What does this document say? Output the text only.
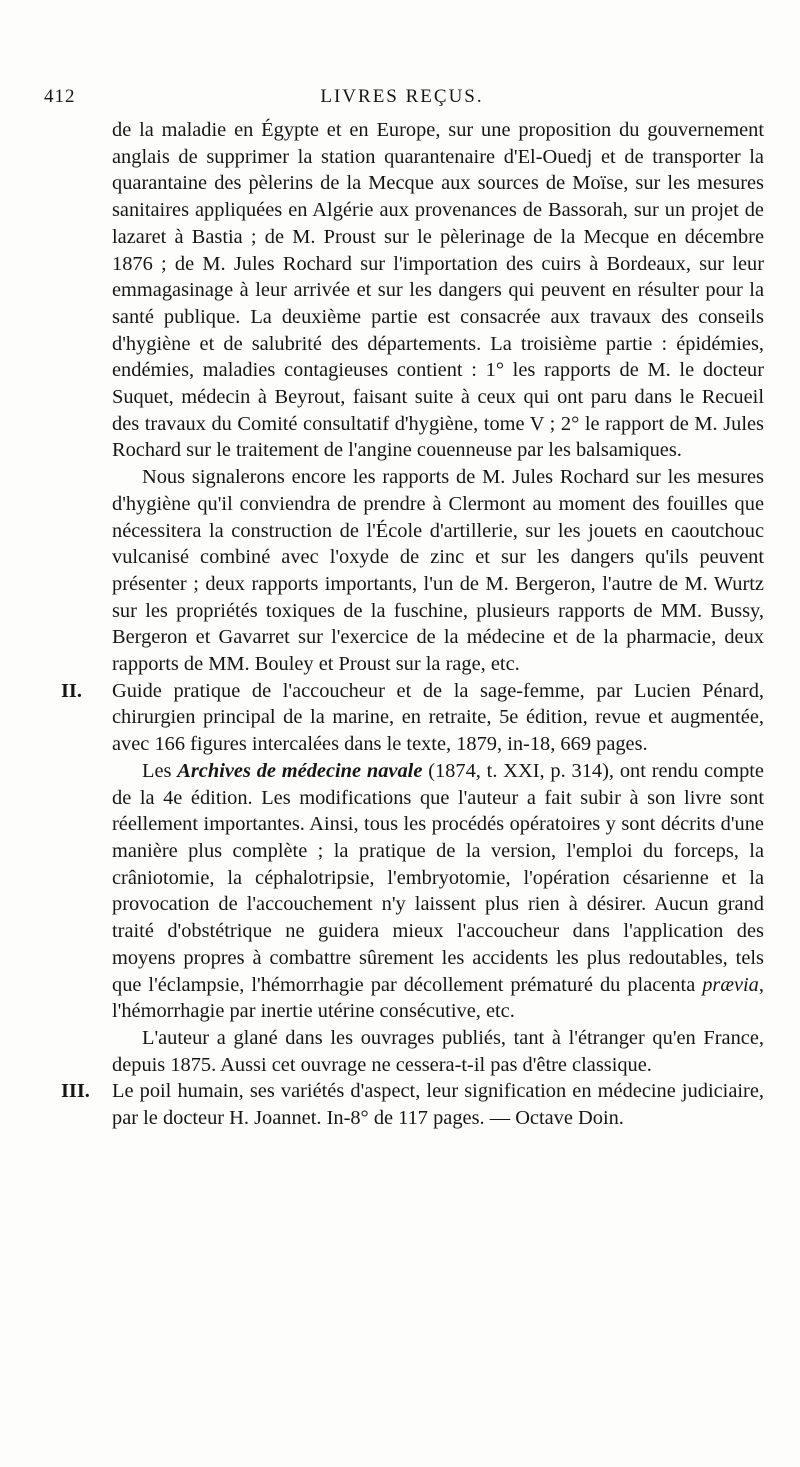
412	LIVRES REÇUS.

de la maladie en Égypte et en Europe, sur une proposition du gouvernement anglais de supprimer la station quarantenaire d'El-Ouedj et de transporter la quarantaine des pèlerins de la Mecque aux sources de Moïse, sur les mesures sanitaires appliquées en Algérie aux provenances de Bassorah, sur un projet de lazaret à Bastia ; de M. Proust sur le pèlerinage de la Mecque en décembre 1876 ; de M. Jules Rochard sur l'importation des cuirs à Bordeaux, sur leur emmagasinage à leur arrivée et sur les dangers qui peuvent en résulter pour la santé publique. La deuxième partie est consacrée aux travaux des conseils d'hygiène et de salubrité des départements. La troisième partie : épidémies, endémies, maladies contagieuses contient : 1° les rapports de M. le docteur Suquet, médecin à Beyrout, faisant suite à ceux qui ont paru dans le Recueil des travaux du Comité consultatif d'hygiène, tome V ; 2° le rapport de M. Jules Rochard sur le traitement de l'angine couenneuse par les balsamiques.

Nous signalerons encore les rapports de M. Jules Rochard sur les mesures d'hygiène qu'il conviendra de prendre à Clermont au moment des fouilles que nécessitera la construction de l'École d'artillerie, sur les jouets en caoutchouc vulcanisé combiné avec l'oxyde de zinc et sur les dangers qu'ils peuvent présenter ; deux rapports importants, l'un de M. Bergeron, l'autre de M. Wurtz sur les propriétés toxiques de la fuschine, plusieurs rapports de MM. Bussy, Bergeron et Gavarret sur l'exercice de la médecine et de la pharmacie, deux rapports de MM. Bouley et Proust sur la rage, etc.

II. Guide pratique de l'accoucheur et de la sage-femme, par Lucien Pénard, chirurgien principal de la marine, en retraite, 5e édition, revue et augmentée, avec 166 figures intercalées dans le texte, 1879, in-18, 669 pages.

Les Archives de médecine navale (1874, t. XXI, p. 314), ont rendu compte de la 4e édition. Les modifications que l'auteur a fait subir à son livre sont réellement importantes. Ainsi, tous les procédés opératoires y sont décrits d'une manière plus complète ; la pratique de la version, l'emploi du forceps, la crâniotomie, la céphalotripsie, l'embryotomie, l'opération césarienne et la provocation de l'accouchement n'y laissent plus rien à désirer. Aucun grand traité d'obstétrique ne guidera mieux l'accoucheur dans l'application des moyens propres à combattre sûrement les accidents les plus redoutables, tels que l'éclampsie, l'hémorrhagie par décollement prématuré du placenta prævia, l'hémorrhagie par inertie utérine consécutive, etc.

L'auteur a glané dans les ouvrages publiés, tant à l'étranger qu'en France, depuis 1875. Aussi cet ouvrage ne cessera-t-il pas d'être classique.

III. Le poil humain, ses variétés d'aspect, leur signification en médecine judiciaire, par le docteur H. Joannet. In-8° de 117 pages. — Octave Doin.
